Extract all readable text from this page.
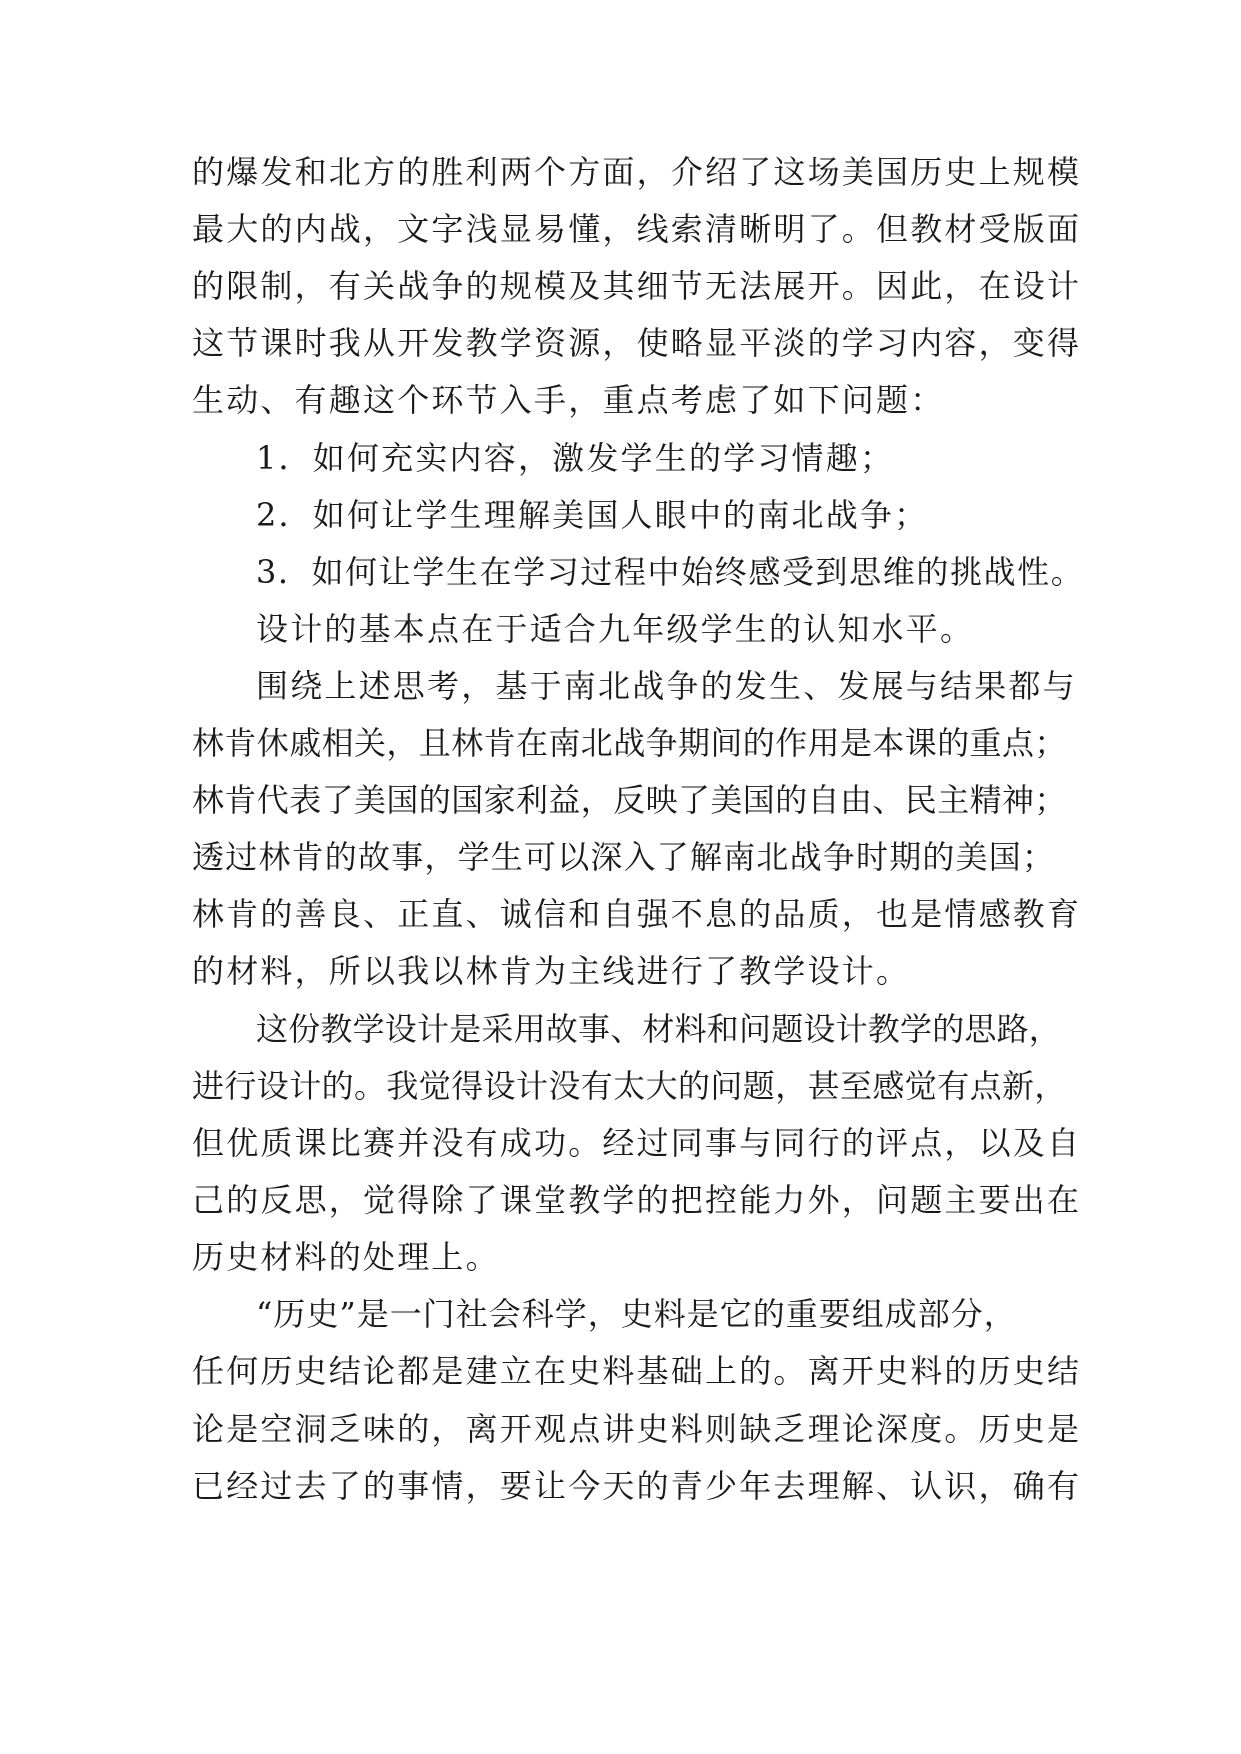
的爆发和北方的胜利两个方面，介绍了这场美国历史上规模
最大的内战，文字浅显易懂，线索清晰明了。但教材受版面
的限制，有关战争的规模及其细节无法展开。因此，在设计
这节课时我从开发教学资源，使略显平淡的学习内容，变得
生动、有趣这个环节入手，重点考虑了如下问题：
1．如何充实内容，激发学生的学习情趣；
2．如何让学生理解美国人眼中的南北战争；
3．如何让学生在学习过程中始终感受到思维的挑战性。
设计的基本点在于适合九年级学生的认知水平。
围绕上述思考，基于南北战争的发生、发展与结果都与
林肯休戚相关，且林肯在南北战争期间的作用是本课的重点；
林肯代表了美国的国家利益，反映了美国的自由、民主精神；
透过林肯的故事，学生可以深入了解南北战争时期的美国；
林肯的善良、正直、诚信和自强不息的品质，也是情感教育
的材料，所以我以林肯为主线进行了教学设计。
这份教学设计是采用故事、材料和问题设计教学的思路，
进行设计的。我觉得设计没有太大的问题，甚至感觉有点新，
但优质课比赛并没有成功。经过同事与同行的评点，以及自
己的反思，觉得除了课堂教学的把控能力外，问题主要出在
历史材料的处理上。
“历史”是一门社会科学，史料是它的重要组成部分，
任何历史结论都是建立在史料基础上的。离开史料的历史结
论是空洞乏味的，离开观点讲史料则缺乏理论深度。历史是
已经过去了的事情，要让今天的青少年去理解、认识，确有
